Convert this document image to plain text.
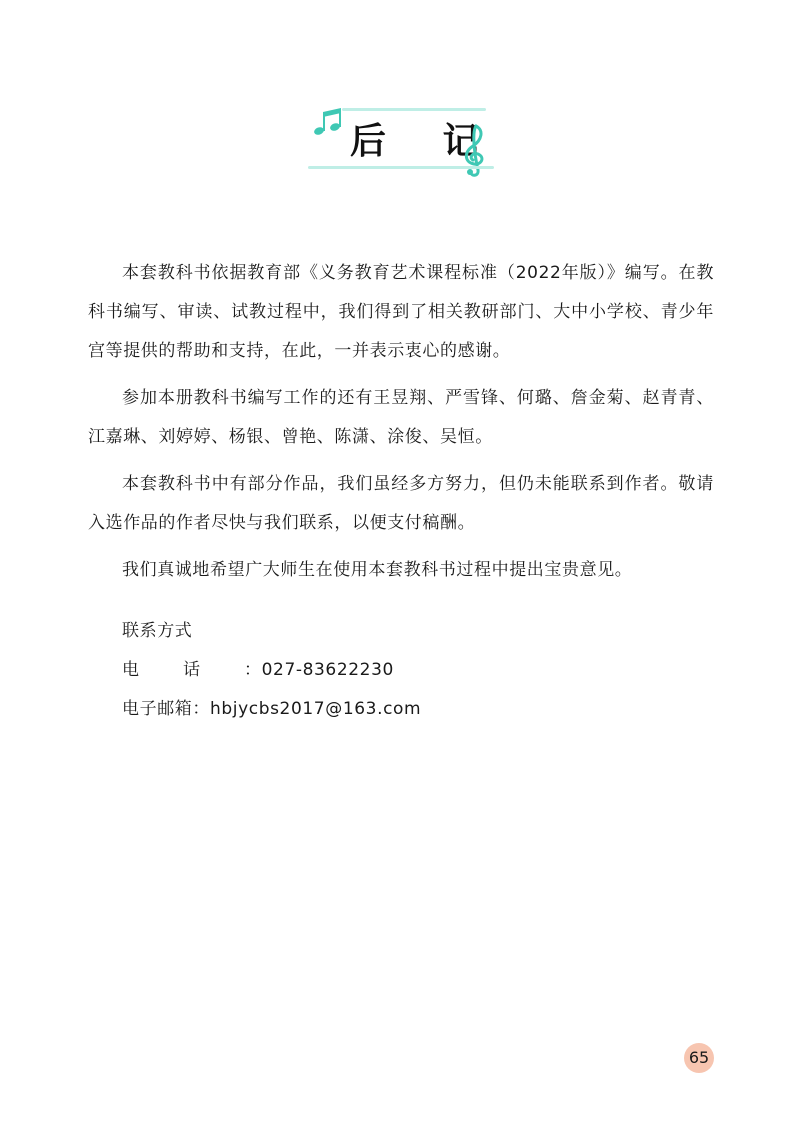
后 记

本套教科书依据教育部《义务教育艺术课程标准（2022年版）》编写。在教科书编写、审读、试教过程中，我们得到了相关教研部门、大中小学校、青少年宫等提供的帮助和支持，在此，一并表示衷心的感谢。

参加本册教科书编写工作的还有王昱翔、严雪锋、何璐、詹金菊、赵青青、江嘉琳、刘婷婷、杨银、曾艳、陈潇、涂俊、吴恒。

本套教科书中有部分作品，我们虽经多方努力，但仍未能联系到作者。敬请入选作品的作者尽快与我们联系，以便支付稿酬。

我们真诚地希望广大师生在使用本套教科书过程中提出宝贵意见。

联系方式
电话：027-83622230
电子邮箱：hbjycbs2017@163.com
65
